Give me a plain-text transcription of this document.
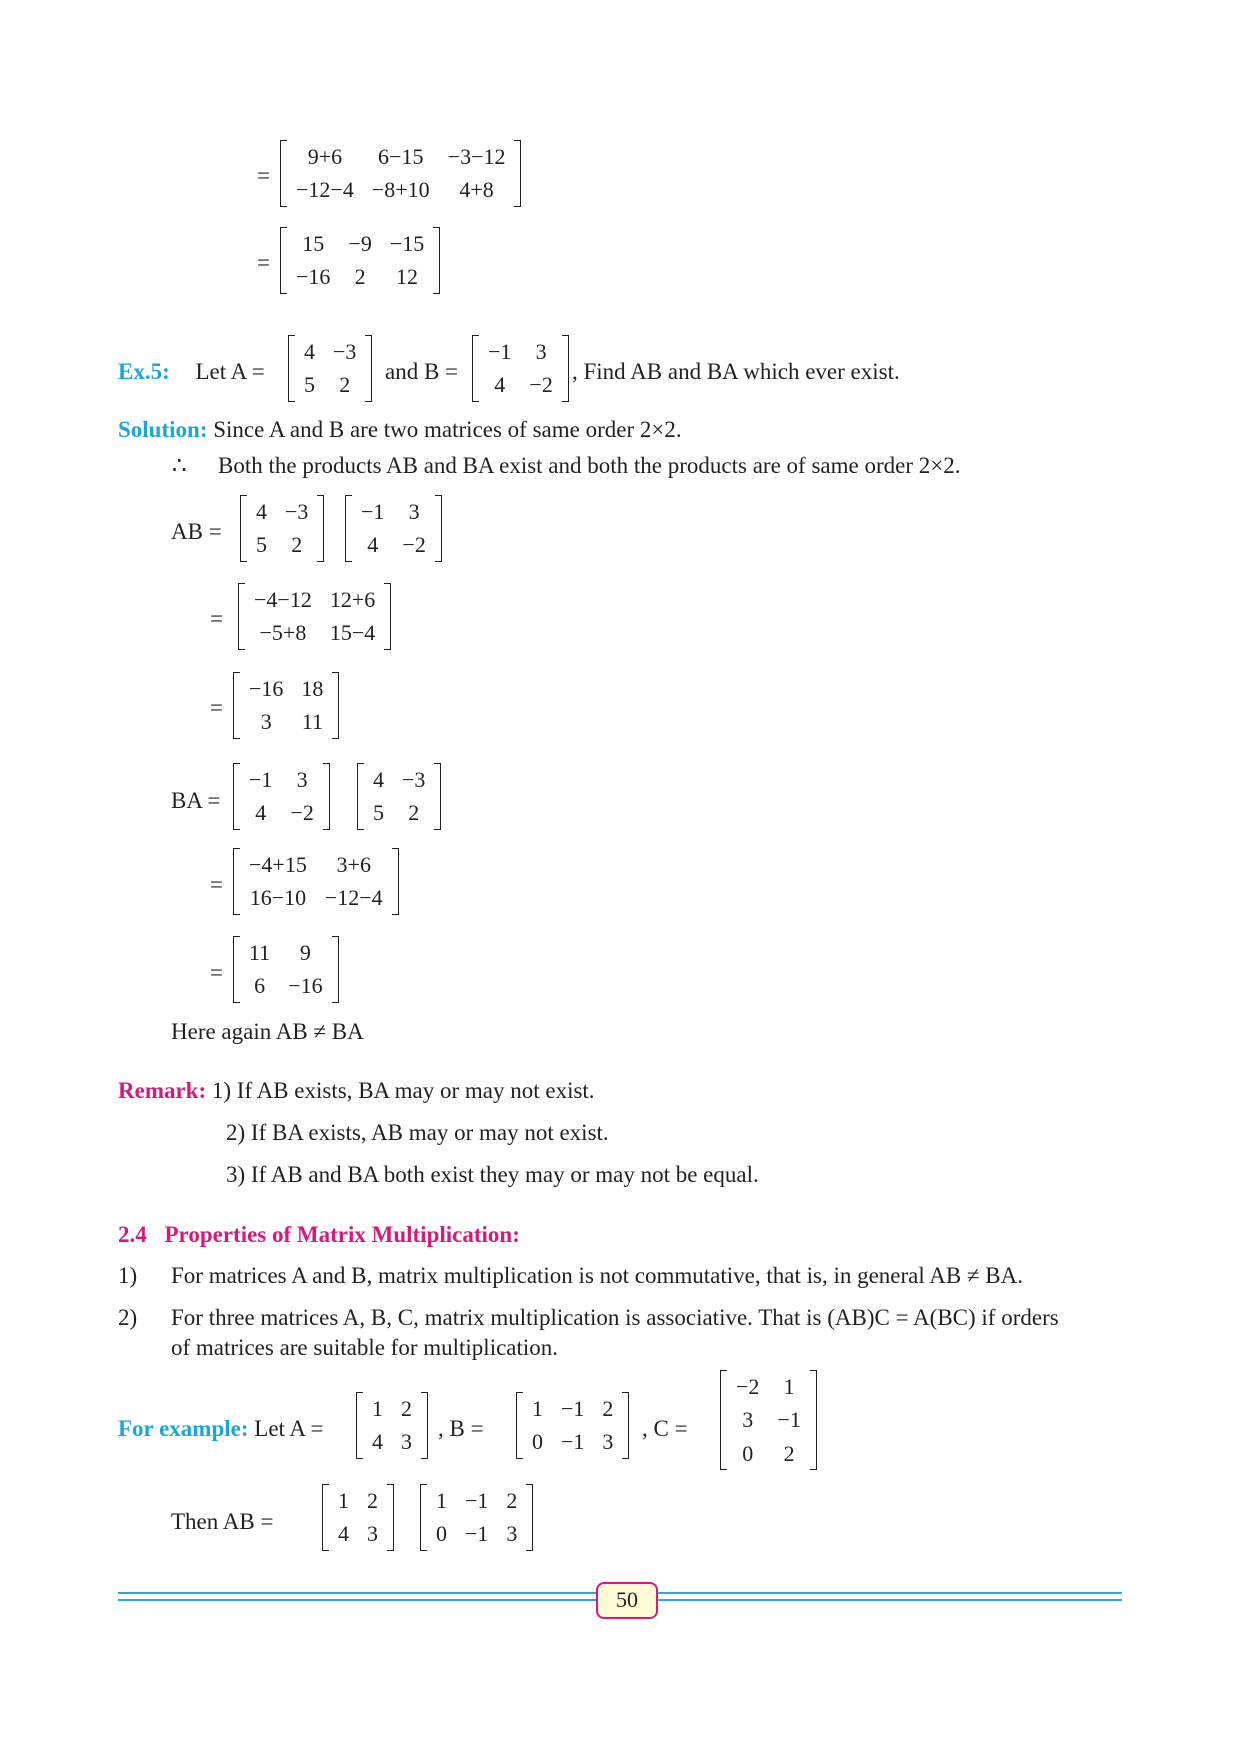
=
9+6	6−15	−3−12
−12−4	−8+10	4+8
=
15	−9	−15
−16	2	12
Ex.5: Let A =
4	−3
5	2
and B =
−1	3
4	−2
, Find AB and BA which ever exist.
Solution: Since A and B are two matrices of same order 2×2.
∴ Both the products AB and BA exist and both the products are of same order 2×2.
AB =
4	−3
5	2
−1	3
4	−2
=
−4−12	12+6
−5+8	15−4
=
−16	18
3	11
BA =
−1	3
4	−2
4	−3
5	2
=
−4+15	3+6
16−10	−12−4
=
11	9
6	−16
Here again AB ≠ BA
Remark: 1) If AB exists, BA may or may not exist.
2) If BA exists, AB may or may not exist.
3) If AB and BA both exist they may or may not be equal.
2.4 Properties of Matrix Multiplication:
1) For matrices A and B, matrix multiplication is not commutative, that is, in general AB ≠ BA.
2) For three matrices A, B, C, matrix multiplication is associative. That is (AB)C = A(BC) if orders
of matrices are suitable for multiplication.
For example: Let A =
1	2
4	3
, B =
1	−1	2
0	−1	3
, C =
−2	1
3	−1
0	2
Then AB =
1	2
4	3
1	−1	2
0	−1	3
50
